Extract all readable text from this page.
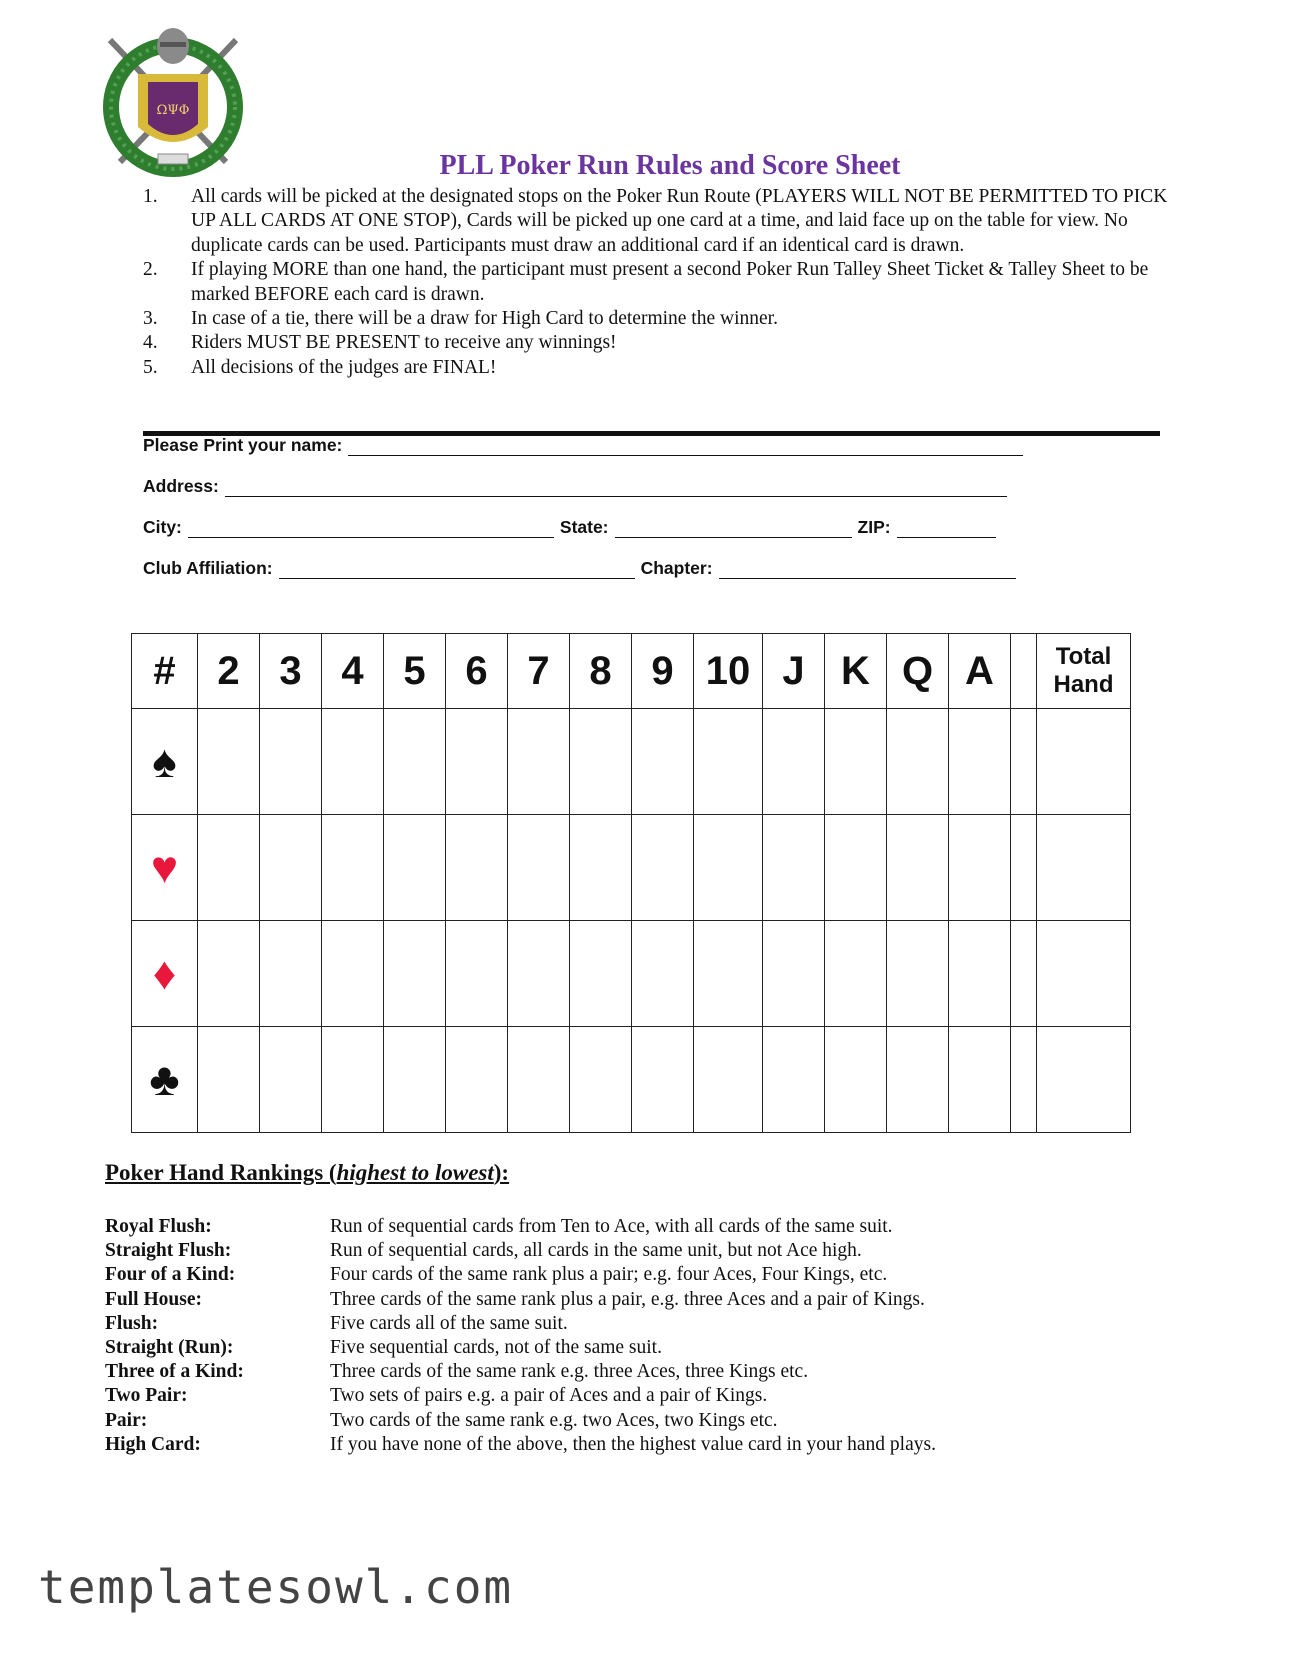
ΩΨΦ
PLL Poker Run Rules and Score Sheet
1. All cards will be picked at the designated stops on the Poker Run Route (PLAYERS WILL NOT BE PERMITTED TO PICK UP ALL CARDS AT ONE STOP), Cards will be picked up one card at a time, and laid face up on the table for view. No duplicate cards can be used. Participants must draw an additional card if an identical card is drawn.
2. If playing MORE than one hand, the participant must present a second Poker Run Talley Sheet Ticket & Talley Sheet to be marked BEFORE each card is drawn.
3. In case of a tie, there will be a draw for High Card to determine the winner.
4. Riders MUST BE PRESENT to receive any winnings!
5. All decisions of the judges are FINAL!
Please Print your name:
Address:
City:	State:	ZIP:
Club Affiliation:	Chapter:
#	2	3	4	5	6	7	8	9	10	J	K	Q	A		Total
Hand

♠															
♥															
♦															
♣															
Poker Hand Rankings (highest to lowest):
Royal Flush:	Run of sequential cards from Ten to Ace, with all cards of the same suit.
Straight Flush:	Run of sequential cards, all cards in the same unit, but not Ace high.
Four of a Kind:	Four cards of the same rank plus a pair; e.g. four Aces, Four Kings, etc.
Full House:	Three cards of the same rank plus a pair, e.g. three Aces and a pair of Kings.
Flush:	Five cards all of the same suit.
Straight (Run):	Five sequential cards, not of the same suit.
Three of a Kind:	Three cards of the same rank e.g. three Aces, three Kings etc.
Two Pair:	Two sets of pairs e.g. a pair of Aces and a pair of Kings.
Pair:	Two cards of the same rank e.g. two Aces, two Kings etc.
High Card:	If you have none of the above, then the highest value card in your hand plays.
templatesowl.com
